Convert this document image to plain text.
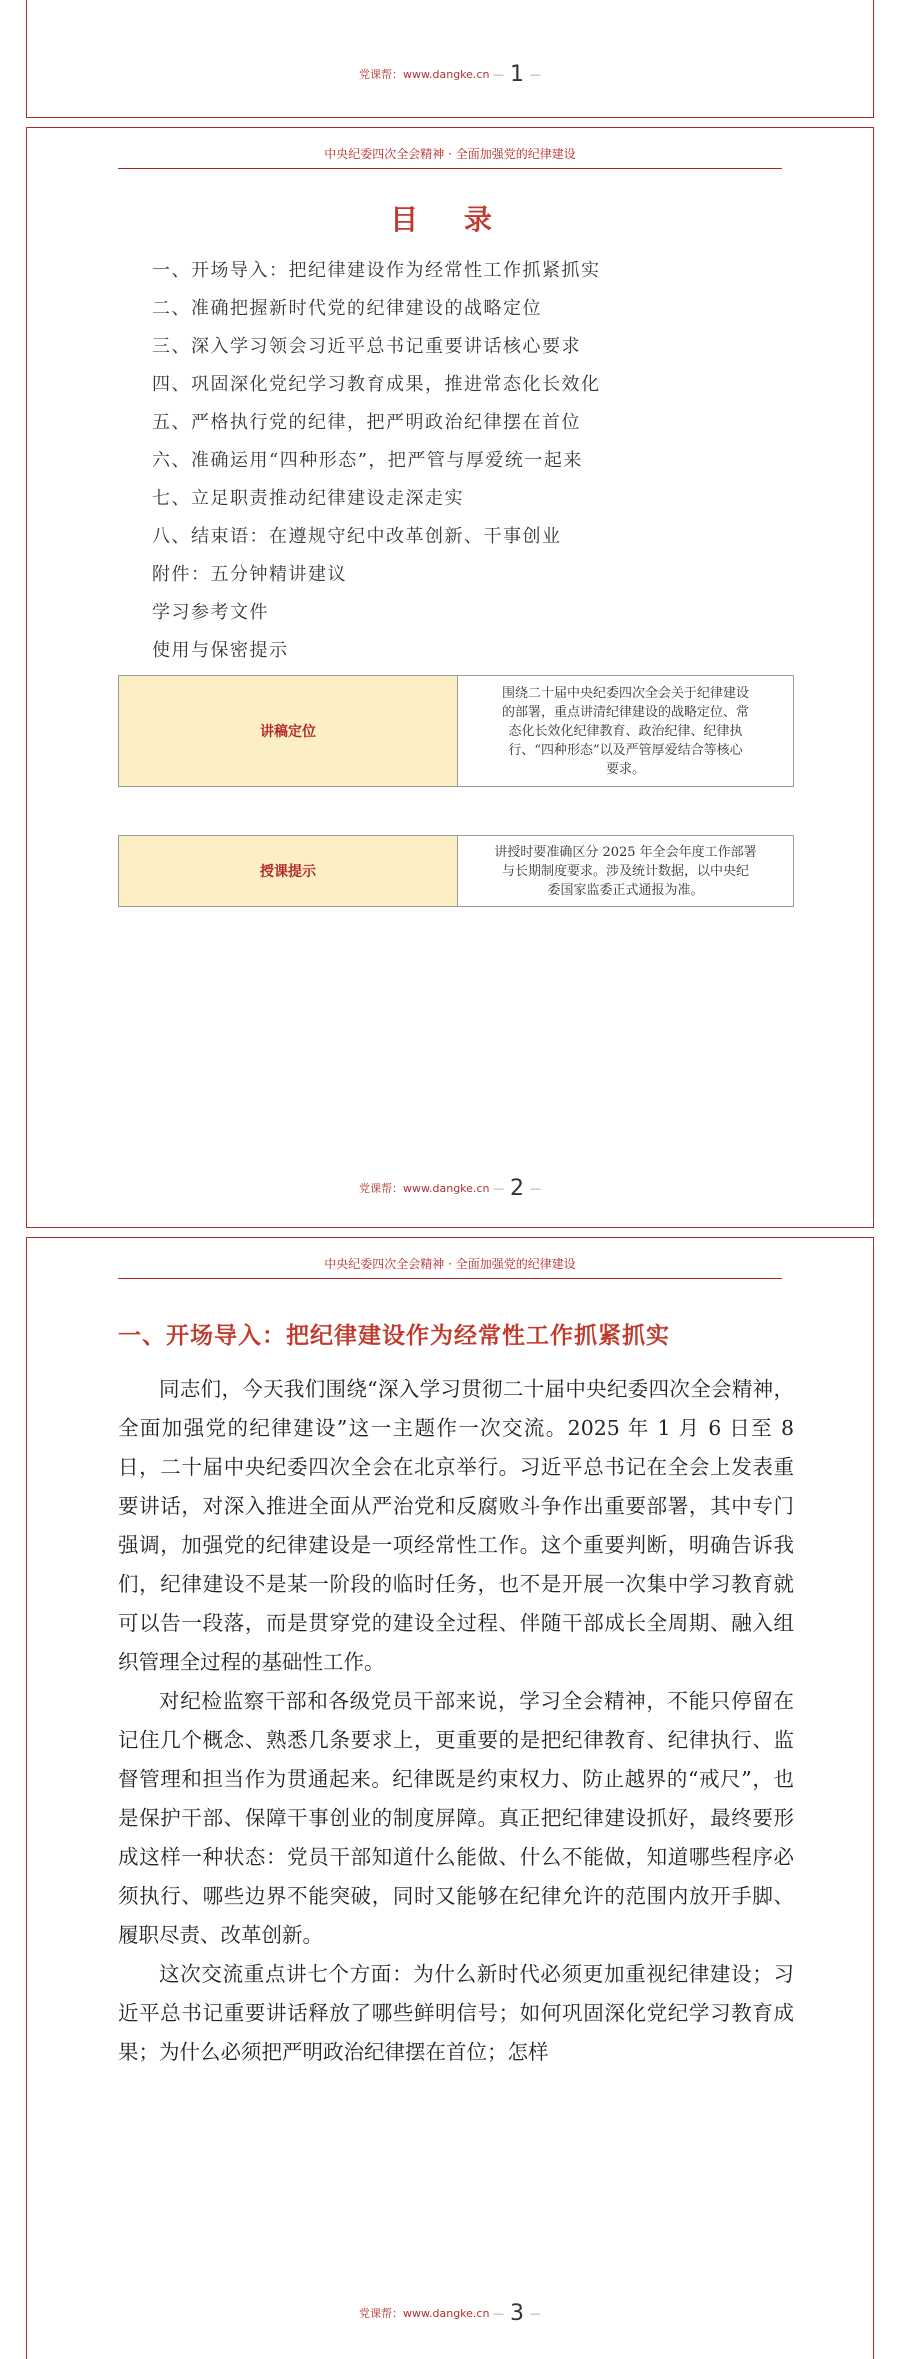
党课帮：www.dangke.cn — 1 —
中央纪委四次全会精神 · 全面加强党的纪律建设
目 录
一、开场导入：把纪律建设作为经常性工作抓紧抓实
二、准确把握新时代党的纪律建设的战略定位
三、深入学习领会习近平总书记重要讲话核心要求
四、巩固深化党纪学习教育成果，推进常态化长效化
五、严格执行党的纪律，把严明政治纪律摆在首位
六、准确运用“四种形态”，把严管与厚爱统一起来
七、立足职责推动纪律建设走深走实
八、结束语：在遵规守纪中改革创新、干事创业
附件：五分钟精讲建议
学习参考文件
使用与保密提示
讲稿定位	
围绕二十届中央纪委四次全会关于纪律建设
的部署，重点讲清纪律建设的战略定位、常
态化长效化纪律教育、政治纪律、纪律执
行、“四种形态”以及严管厚爱结合等核心
要求。
授课提示	
讲授时要准确区分 2025 年全会年度工作部署
与长期制度要求。涉及统计数据，以中央纪
委国家监委正式通报为准。
党课帮：www.dangke.cn — 2 —
中央纪委四次全会精神 · 全面加强党的纪律建设
一、开场导入：把纪律建设作为经常性工作抓紧抓实

同志们，今天我们围绕“深入学习贯彻二十届中央纪委四次全会精神，全面加强党的纪律建设”这一主题作一次交流。2025 年 1 月 6 日至 8 日，二十届中央纪委四次全会在北京举行。习近平总书记在全会上发表重要讲话，对深入推进全面从严治党和反腐败斗争作出重要部署，其中专门强调，加强党的纪律建设是一项经常性工作。这个重要判断，明确告诉我们，纪律建设不是某一阶段的临时任务，也不是开展一次集中学习教育就可以告一段落，而是贯穿党的建设全过程、伴随干部成长全周期、融入组织管理全过程的基础性工作。

对纪检监察干部和各级党员干部来说，学习全会精神，不能只停留在记住几个概念、熟悉几条要求上，更重要的是把纪律教育、纪律执行、监督管理和担当作为贯通起来。纪律既是约束权力、防止越界的“戒尺”，也是保护干部、保障干事创业的制度屏障。真正把纪律建设抓好，最终要形成这样一种状态：党员干部知道什么能做、什么不能做，知道哪些程序必须执行、哪些边界不能突破，同时又能够在纪律允许的范围内放开手脚、履职尽责、改革创新。

这次交流重点讲七个方面：为什么新时代必须更加重视纪律建设；习近平总书记重要讲话释放了哪些鲜明信号；如何巩固深化党纪学习教育成果；为什么必须把严明政治纪律摆在首位；怎样

党课帮：www.dangke.cn — 3 —
